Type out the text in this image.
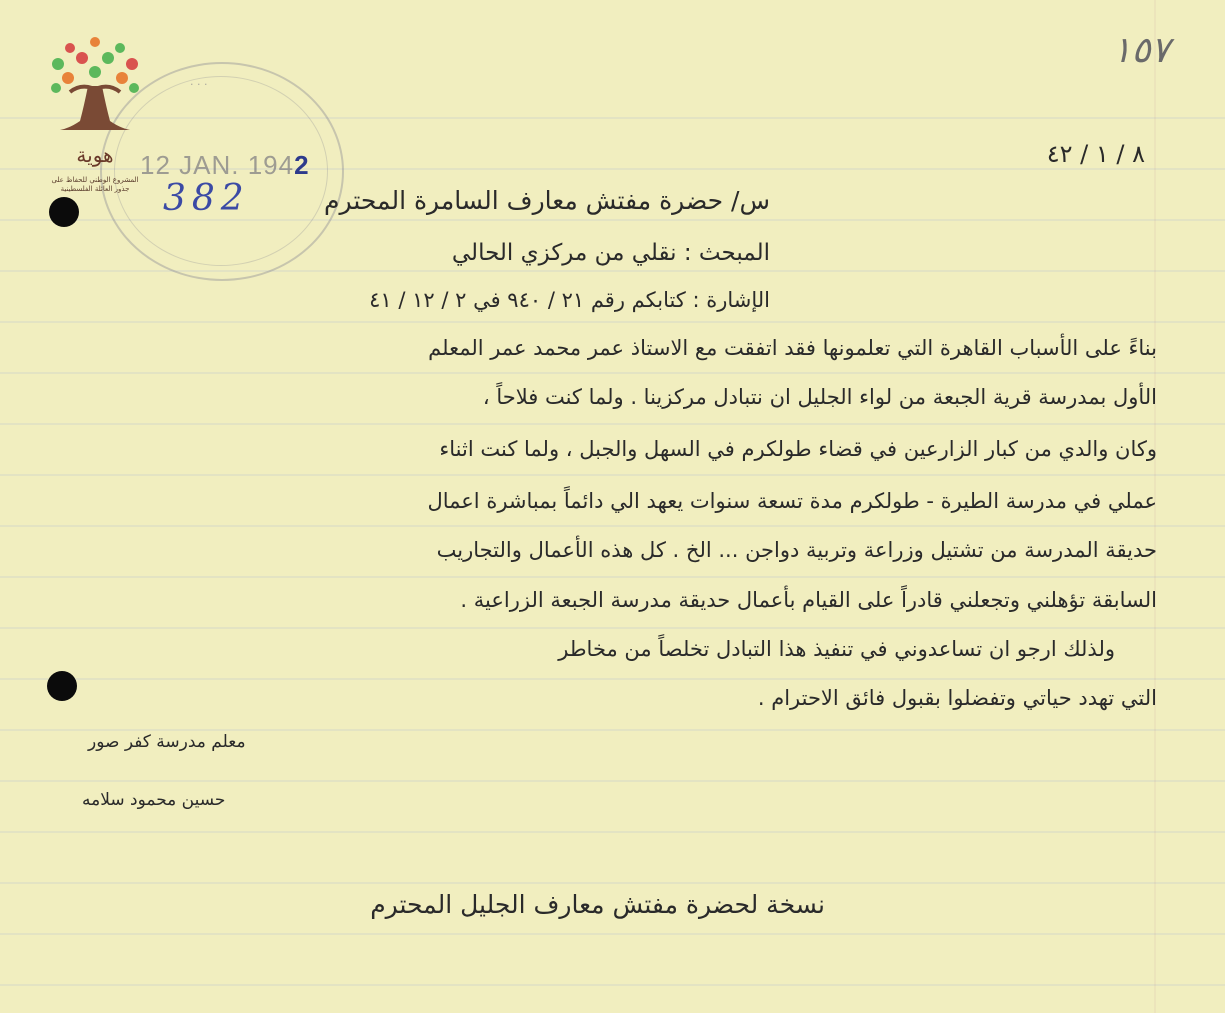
· · ·
12 JAN. 1942
382
هوية
المشروع الوطني للحفاظ على
جذور العائلة الفلسطينية
١٥٧
٨ / ١ / ٤٢
س/ حضرة مفتش معارف السامرة المحترم
المبحث : نقلي من مركزي الحالي
الإشارة : كتابكم رقم ٢١ / ٩٤٠ في ٢ / ١٢ / ٤١
بناءً على الأسباب القاهرة التي تعلمونها فقد اتفقت مع الاستاذ عمر محمد عمر المعلم
الأول بمدرسة قرية الجبعة من لواء الجليل ان نتبادل مركزينا . ولما كنت فلاحاً ،
وكان والدي من كبار الزارعين في قضاء طولكرم في السهل والجبل ، ولما كنت اثناء
عملي في مدرسة الطيرة - طولكرم مدة تسعة سنوات يعهد الي دائماً بمباشرة اعمال
حديقة المدرسة من تشتيل وزراعة وتربية دواجن ... الخ . كل هذه الأعمال والتجاريب
السابقة تؤهلني وتجعلني قادراً على القيام بأعمال حديقة مدرسة الجبعة الزراعية .
ولذلك ارجو ان تساعدوني في تنفيذ هذا التبادل تخلصاً من مخاطر
التي تهدد حياتي وتفضلوا بقبول فائق الاحترام .
معلم مدرسة كفر صور
حسين محمود سلامه
نسخة لحضرة مفتش معارف الجليل المحترم
